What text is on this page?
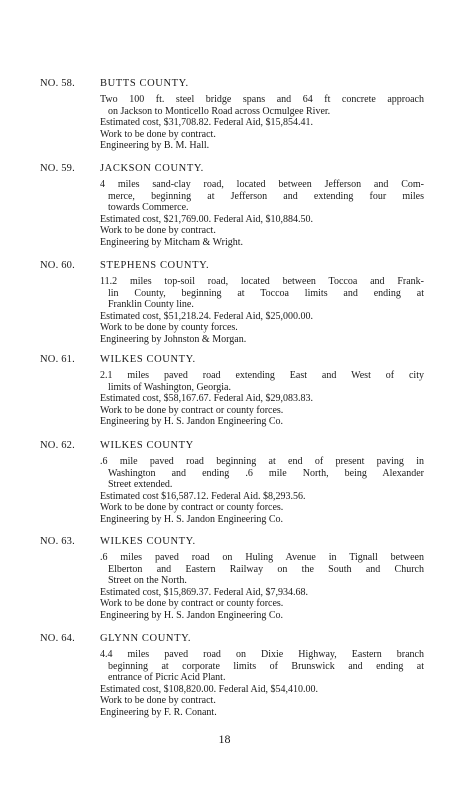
NO. 58. BUTTS COUNTY.
Two 100 ft. steel bridge spans and 64 ft concrete approach
on Jackson to Monticello Road across Ocmulgee River.
Estimated cost, $31,708.82. Federal Aid, $15,854.41.
Work to be done by contract.
Engineering by B. M. Hall.
NO. 59. JACKSON COUNTY.
4 miles sand-clay road, located between Jefferson and Com-
merce, beginning at Jefferson and extending four miles
towards Commerce.
Estimated cost, $21,769.00. Federal Aid, $10,884.50.
Work to be done by contract.
Engineering by Mitcham & Wright.
NO. 60. STEPHENS COUNTY.
11.2 miles top-soil road, located between Toccoa and Frank-
lin County, beginning at Toccoa limits and ending at
Franklin County line.
Estimated cost, $51,218.24. Federal Aid, $25,000.00.
Work to be done by county forces.
Engineering by Johnston & Morgan.
NO. 61. WILKES COUNTY.
2.1 miles paved road extending East and West of city
limits of Washington, Georgia.
Estimated cost, $58,167.67. Federal Aid, $29,083.83.
Work to be done by contract or county forces.
Engineering by H. S. Jandon Engineering Co.
NO. 62. WILKES COUNTY
.6 mile paved road beginning at end of present paving in
Washington and ending .6 mile North, being Alexander
Street extended.
Estimated cost $16,587.12. Federal Aid. $8,293.56.
Work to be done by contract or county forces.
Engineering by H. S. Jandon Engineering Co.
NO. 63. WILKES COUNTY.
.6 miles paved road on Huling Avenue in Tignall between
Elberton and Eastern Railway on the South and Church
Street on the North.
Estimated cost, $15,869.37. Federal Aid, $7,934.68.
Work to be done by contract or county forces.
Engineering by H. S. Jandon Engineering Co.
NO. 64. GLYNN COUNTY.
4.4 miles paved road on Dixie Highway, Eastern branch
beginning at corporate limits of Brunswick and ending at
entrance of Picric Acid Plant.
Estimated cost, $108,820.00. Federal Aid, $54,410.00.
Work to be done by contract.
Engineering by F. R. Conant.
18
